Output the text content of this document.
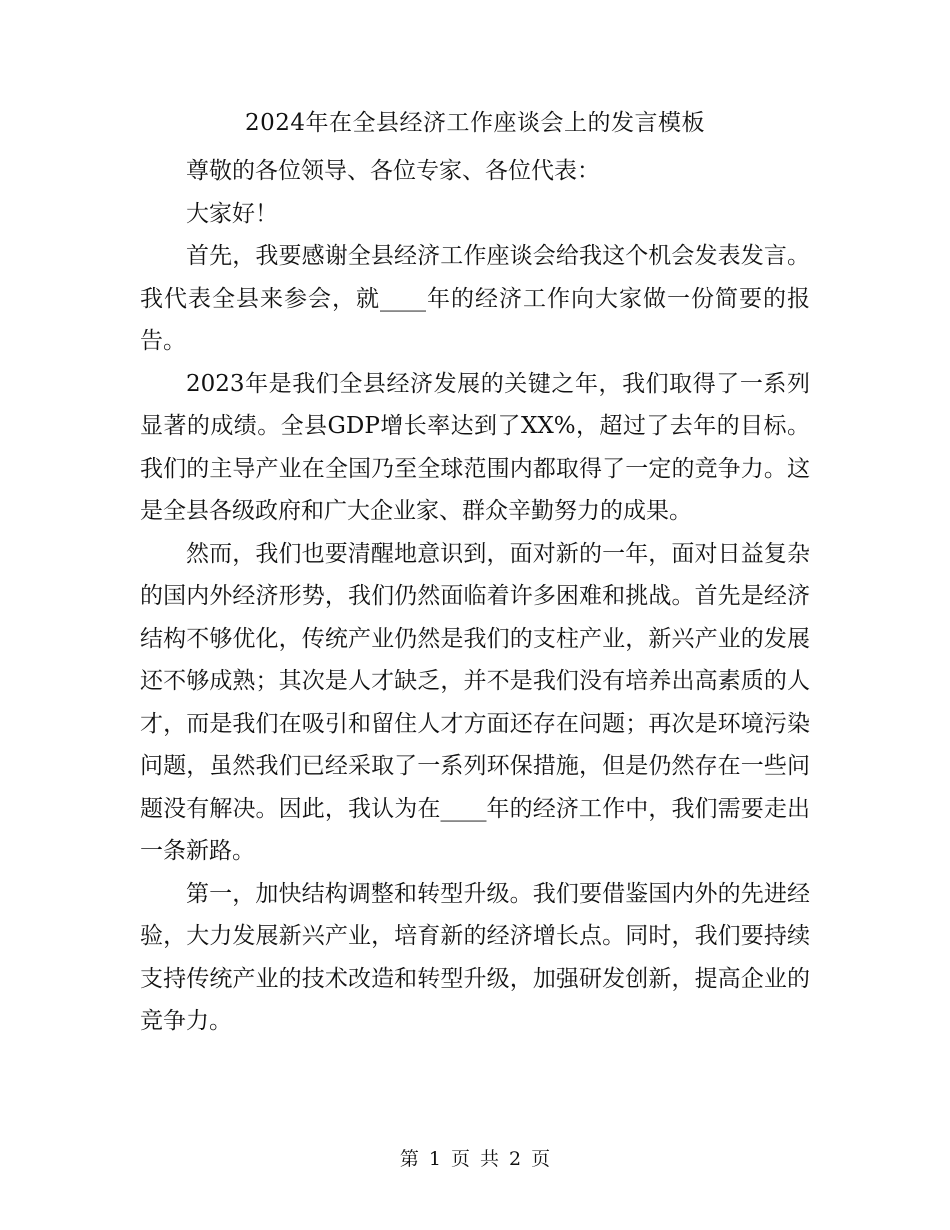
2024年在全县经济工作座谈会上的发言模板

尊敬的各位领导、各位专家、各位代表：

大家好！

首先，我要感谢全县经济工作座谈会给我这个机会发表发言。我代表全县来参会，就____年的经济工作向大家做一份简要的报告。

2023年是我们全县经济发展的关键之年，我们取得了一系列显著的成绩。全县GDP增长率达到了XX%，超过了去年的目标。我们的主导产业在全国乃至全球范围内都取得了一定的竞争力。这是全县各级政府和广大企业家、群众辛勤努力的成果。

然而，我们也要清醒地意识到，面对新的一年，面对日益复杂的国内外经济形势，我们仍然面临着许多困难和挑战。首先是经济结构不够优化，传统产业仍然是我们的支柱产业，新兴产业的发展还不够成熟；其次是人才缺乏，并不是我们没有培养出高素质的人才，而是我们在吸引和留住人才方面还存在问题；再次是环境污染问题，虽然我们已经采取了一系列环保措施，但是仍然存在一些问题没有解决。因此，我认为在____年的经济工作中，我们需要走出一条新路。

第一，加快结构调整和转型升级。我们要借鉴国内外的先进经验，大力发展新兴产业，培育新的经济增长点。同时，我们要持续支持传统产业的技术改造和转型升级，加强研发创新，提高企业的竞争力。

第 1 页 共 2 页
